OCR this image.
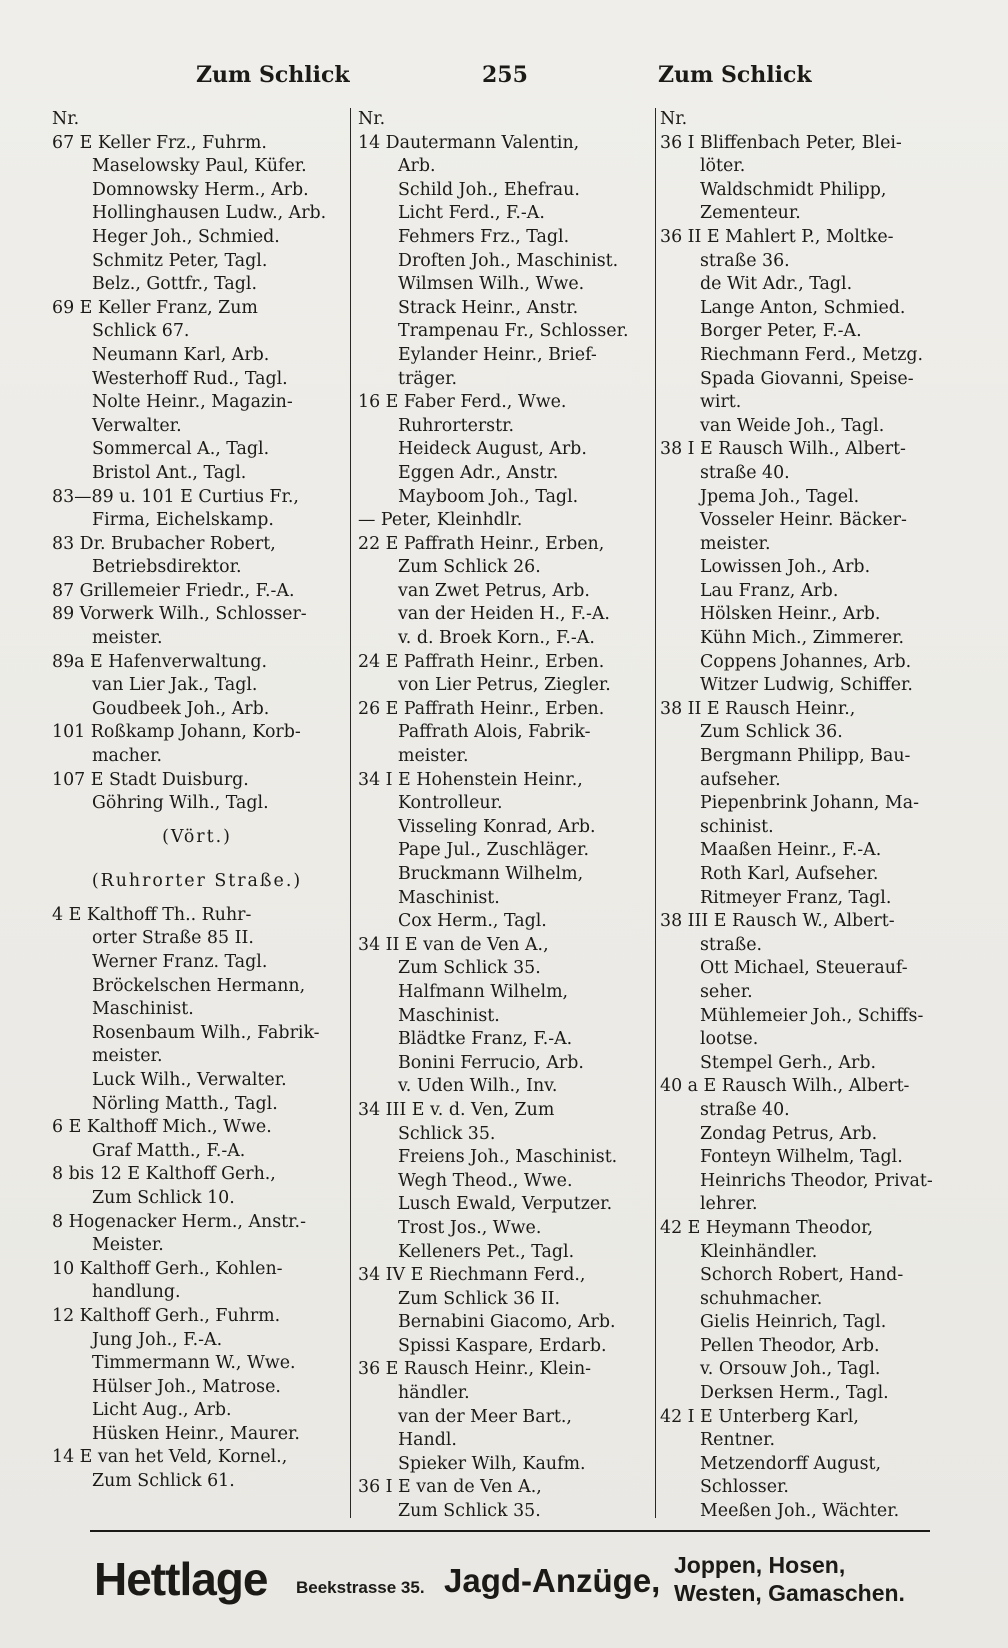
Zum Schlick	255	Zum Schlick
Nr.
67 E Keller Frz., Fuhrm.
Maselowsky Paul, Küfer.
Domnowsky Herm., Arb.
Hollinghausen Ludw., Arb.
Heger Joh., Schmied.
Schmitz Peter, Tagl.
Belz., Gottfr., Tagl.
69 E Keller Franz, Zum
Schlick 67.
Neumann Karl, Arb.
Westerhoff Rud., Tagl.
Nolte Heinr., Magazin-
Verwalter.
Sommercal A., Tagl.
Bristol Ant., Tagl.
83—89 u. 101 E Curtius Fr.,
Firma, Eichelskamp.
83 Dr. Brubacher Robert,
Betriebsdirektor.
87 Grillemeier Friedr., F.-A.
89 Vorwerk Wilh., Schlosser-
meister.
89a E Hafenverwaltung.
van Lier Jak., Tagl.
Goudbeek Joh., Arb.
101 Roßkamp Johann, Korb-
macher.
107 E Stadt Duisburg.
Göhring Wilh., Tagl.
(Vört.)
(Ruhrorter Straße.)
4 E Kalthoff Th.. Ruhr-
orter Straße 85 II.
Werner Franz. Tagl.
Bröckelschen Hermann,
Maschinist.
Rosenbaum Wilh., Fabrik-
meister.
Luck Wilh., Verwalter.
Nörling Matth., Tagl.
6 E Kalthoff Mich., Wwe.
Graf Matth., F.-A.
8 bis 12 E Kalthoff Gerh.,
Zum Schlick 10.
8 Hogenacker Herm., Anstr.-
Meister.
10 Kalthoff Gerh., Kohlen-
handlung.
12 Kalthoff Gerh., Fuhrm.
Jung Joh., F.-A.
Timmermann W., Wwe.
Hülser Joh., Matrose.
Licht Aug., Arb.
Hüsken Heinr., Maurer.
14 E van het Veld, Kornel.,
Zum Schlick 61.
Nr.
14 Dautermann Valentin,
Arb.
Schild Joh., Ehefrau.
Licht Ferd., F.-A.
Fehmers Frz., Tagl.
Droften Joh., Maschinist.
Wilmsen Wilh., Wwe.
Strack Heinr., Anstr.
Trampenau Fr., Schlosser.
Eylander Heinr., Brief-
träger.
16 E Faber Ferd., Wwe.
Ruhrorterstr.
Heideck August, Arb.
Eggen Adr., Anstr.
Mayboom Joh., Tagl.
— Peter, Kleinhdlr.
22 E Paffrath Heinr., Erben,
Zum Schlick 26.
van Zwet Petrus, Arb.
van der Heiden H., F.-A.
v. d. Broek Korn., F.-A.
24 E Paffrath Heinr., Erben.
von Lier Petrus, Ziegler.
26 E Paffrath Heinr., Erben.
Paffrath Alois, Fabrik-
meister.
34 I E Hohenstein Heinr.,
Kontrolleur.
Visseling Konrad, Arb.
Pape Jul., Zuschläger.
Bruckmann Wilhelm,
Maschinist.
Cox Herm., Tagl.
34 II E van de Ven A.,
Zum Schlick 35.
Halfmann Wilhelm,
Maschinist.
Blädtke Franz, F.-A.
Bonini Ferrucio, Arb.
v. Uden Wilh., Inv.
34 III E v. d. Ven, Zum
Schlick 35.
Freiens Joh., Maschinist.
Wegh Theod., Wwe.
Lusch Ewald, Verputzer.
Trost Jos., Wwe.
Kelleners Pet., Tagl.
34 IV E Riechmann Ferd.,
Zum Schlick 36 II.
Bernabini Giacomo, Arb.
Spissi Kaspare, Erdarb.
36 E Rausch Heinr., Klein-
händler.
van der Meer Bart.,
Handl.
Spieker Wilh, Kaufm.
36 I E van de Ven A.,
Zum Schlick 35.
Nr.
36 I Bliffenbach Peter, Blei-
löter.
Waldschmidt Philipp,
Zementeur.
36 II E Mahlert P., Moltke-
straße 36.
de Wit Adr., Tagl.
Lange Anton, Schmied.
Borger Peter, F.-A.
Riechmann Ferd., Metzg.
Spada Giovanni, Speise-
wirt.
van Weide Joh., Tagl.
38 I E Rausch Wilh., Albert-
straße 40.
Jpema Joh., Tagel.
Vosseler Heinr. Bäcker-
meister.
Lowissen Joh., Arb.
Lau Franz, Arb.
Hölsken Heinr., Arb.
Kühn Mich., Zimmerer.
Coppens Johannes, Arb.
Witzer Ludwig, Schiffer.
38 II E Rausch Heinr.,
Zum Schlick 36.
Bergmann Philipp, Bau-
aufseher.
Piepenbrink Johann, Ma-
schinist.
Maaßen Heinr., F.-A.
Roth Karl, Aufseher.
Ritmeyer Franz, Tagl.
38 III E Rausch W., Albert-
straße.
Ott Michael, Steuerauf-
seher.
Mühlemeier Joh., Schiffs-
lootse.
Stempel Gerh., Arb.
40 a E Rausch Wilh., Albert-
straße 40.
Zondag Petrus, Arb.
Fonteyn Wilhelm, Tagl.
Heinrichs Theodor, Privat-
lehrer.
42 E Heymann Theodor,
Kleinhändler.
Schorch Robert, Hand-
schuhmacher.
Gielis Heinrich, Tagl.
Pellen Theodor, Arb.
v. Orsouw Joh., Tagl.
Derksen Herm., Tagl.
42 I E Unterberg Karl,
Rentner.
Metzendorff August,
Schlosser.
Meeßen Joh., Wächter.
Hettlage Beekstrasse 35. Jagd-Anzüge, Joppen, Hosen,
Westen, Gamaschen.
